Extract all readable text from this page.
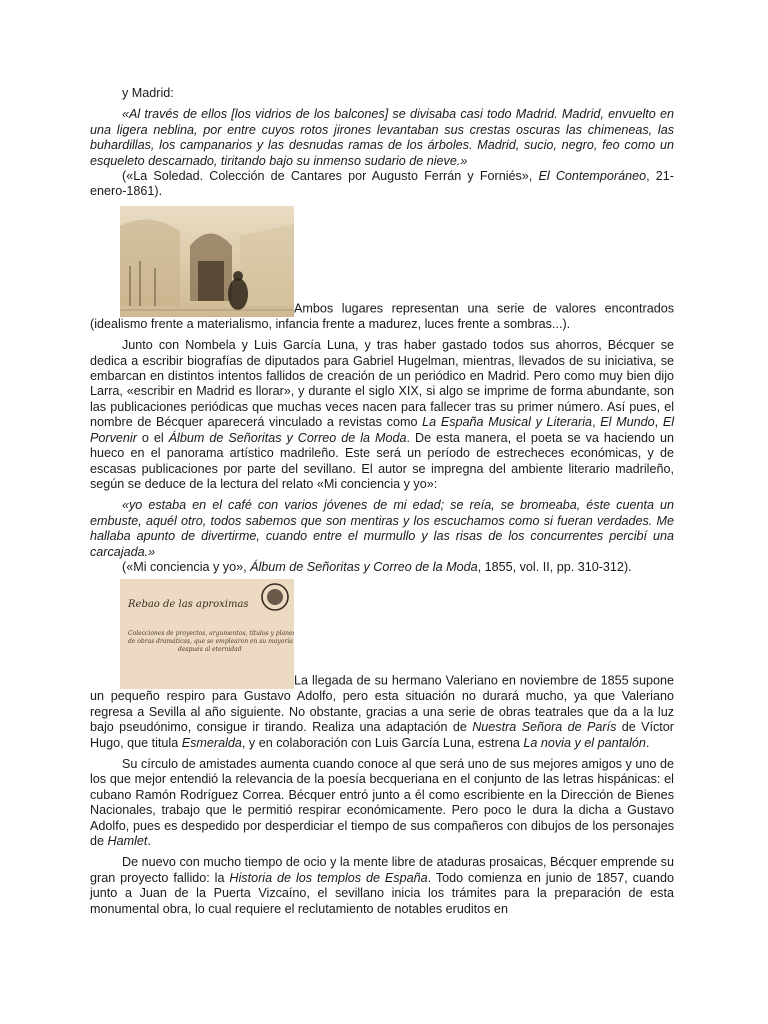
y Madrid:

«Al través de ellos [los vidrios de los balcones] se divisaba casi todo Madrid. Madrid, envuelto en una ligera neblina, por entre cuyos rotos jirones levantaban sus crestas oscuras las chimeneas, las buhardillas, los campanarios y las desnudas ramas de los árboles. Madrid, sucio, negro, feo como un esqueleto descarnado, tiritando bajo su inmenso sudario de nieve.»

(«La Soledad. Colección de Cantares por Augusto Ferrán y Forniés», El Contemporáneo, 21-enero-1861).

Ambos lugares representan una serie de valores encontrados (idealismo frente a materialismo, infancia frente a madurez, luces frente a sombras...).

Junto con Nombela y Luis García Luna, y tras haber gastado todos sus ahorros, Bécquer se dedica a escribir biografías de diputados para Gabriel Hugelman, mientras, llevados de su iniciativa, se embarcan en distintos intentos fallidos de creación de un periódico en Madrid. Pero como muy bien dijo Larra, «escribir en Madrid es llorar», y durante el siglo XIX, si algo se imprime de forma abundante, son las publicaciones periódicas que muchas veces nacen para fallecer tras su primer número. Así pues, el nombre de Bécquer aparecerá vinculado a revistas como La España Musical y Literaria, El Mundo, El Porvenir o el Álbum de Señoritas y Correo de la Moda. De esta manera, el poeta se va haciendo un hueco en el panorama artístico madrileño. Este será un período de estrecheces económicas, y de escasas publicaciones por parte del sevillano. El autor se impregna del ambiente literario madrileño, según se deduce de la lectura del relato «Mi conciencia y yo»:

«yo estaba en el café con varios jóvenes de mi edad; se reía, se bromeaba, éste cuenta un embuste, aquél otro, todos sabemos que son mentiras y los escuchamos como si fueran verdades. Me hallaba apunto de divertirme, cuando entre el murmullo y las risas de los concurrentes percibí una carcajada.»

(«Mi conciencia y yo», Álbum de Señoritas y Correo de la Moda, 1855, vol. II, pp. 310-312).

Rebao de las aproximas
Colecciones de proyectos, argumentos, títulos y planes
de obras dramáticas, que se emplearon en su mayoría
después al eternidad
La llegada de su hermano Valeriano en noviembre de 1855 supone un pequeño respiro para Gustavo Adolfo, pero esta situación no durará mucho, ya que Valeriano regresa a Sevilla al año siguiente. No obstante, gracias a una serie de obras teatrales que da a la luz bajo pseudónimo, consigue ir tirando. Realiza una adaptación de Nuestra Señora de París de Víctor Hugo, que titula Esmeralda, y en colaboración con Luis García Luna, estrena La novia y el pantalón.

Su círculo de amistades aumenta cuando conoce al que será uno de sus mejores amigos y uno de los que mejor entendió la relevancia de la poesía becqueriana en el conjunto de las letras hispánicas: el cubano Ramón Rodríguez Correa. Bécquer entró junto a él como escribiente en la Dirección de Bienes Nacionales, trabajo que le permitió respirar económicamente. Pero poco le dura la dicha a Gustavo Adolfo, pues es despedido por desperdiciar el tiempo de sus compañeros con dibujos de los personajes de Hamlet.

De nuevo con mucho tiempo de ocio y la mente libre de ataduras prosaicas, Bécquer emprende su gran proyecto fallido: la Historia de los templos de España. Todo comienza en junio de 1857, cuando junto a Juan de la Puerta Vizcaíno, el sevillano inicia los trámites para la preparación de esta monumental obra, lo cual requiere el reclutamiento de notables eruditos en
